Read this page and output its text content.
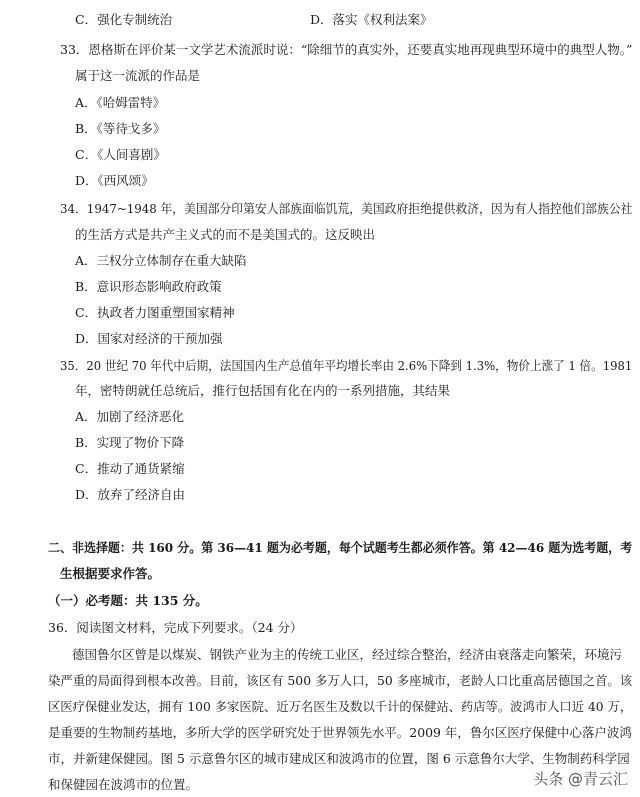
C．强化专制统治	D．落实《权利法案》
33．恩格斯在评价某一文学艺术流派时说：“除细节的真实外，还要真实地再现典型环境中的典型人物。”
属于这一流派的作品是
A．《哈姆雷特》
B．《等待戈多》
C．《人间喜剧》
D．《西风颂》
34．1947~1948 年，美国部分印第安人部族面临饥荒，美国政府拒绝提供救济，因为有人指控他们部族公社
的生活方式是共产主义式的而不是美国式的。这反映出
A．三权分立体制存在重大缺陷
B．意识形态影响政府政策
C．执政者力图重塑国家精神
D．国家对经济的干预加强
35．20 世纪 70 年代中后期，法国国内生产总值年平均增长率由 2.6%下降到 1.3%，物价上涨了 1 倍。1981
年，密特朗就任总统后，推行包括国有化在内的一系列措施，其结果
A．加剧了经济恶化
B．实现了物价下降
C．推动了通货紧缩
D．放弃了经济自由
二、非选择题：共 160 分。第 36—41 题为必考题，每个试题考生都必须作答。第 42—46 题为选考题，考
生根据要求作答。
（一）必考题：共 135 分。
36．阅读图文材料，完成下列要求。（24 分）
德国鲁尔区曾是以煤炭、钢铁产业为主的传统工业区，经过综合整治，经济由衰落走向繁荣，环境污
染严重的局面得到根本改善。目前，该区有 500 多万人口，50 多座城市，老龄人口比重高居德国之首。该
区医疗保健业发达，拥有 100 多家医院、近万名医生及数以千计的保健站、药店等。波鸿市人口近 40 万，
是重要的生物制药基地，多所大学的医学研究处于世界领先水平。2009 年，鲁尔区医疗保健中心落户波鸿
市，并新建保健园。图 5 示意鲁尔区的城市建成区和波鸿市的位置，图 6 示意鲁尔大学、生物制药科学园
和保健园在波鸿市的位置。	头条 @青云汇
